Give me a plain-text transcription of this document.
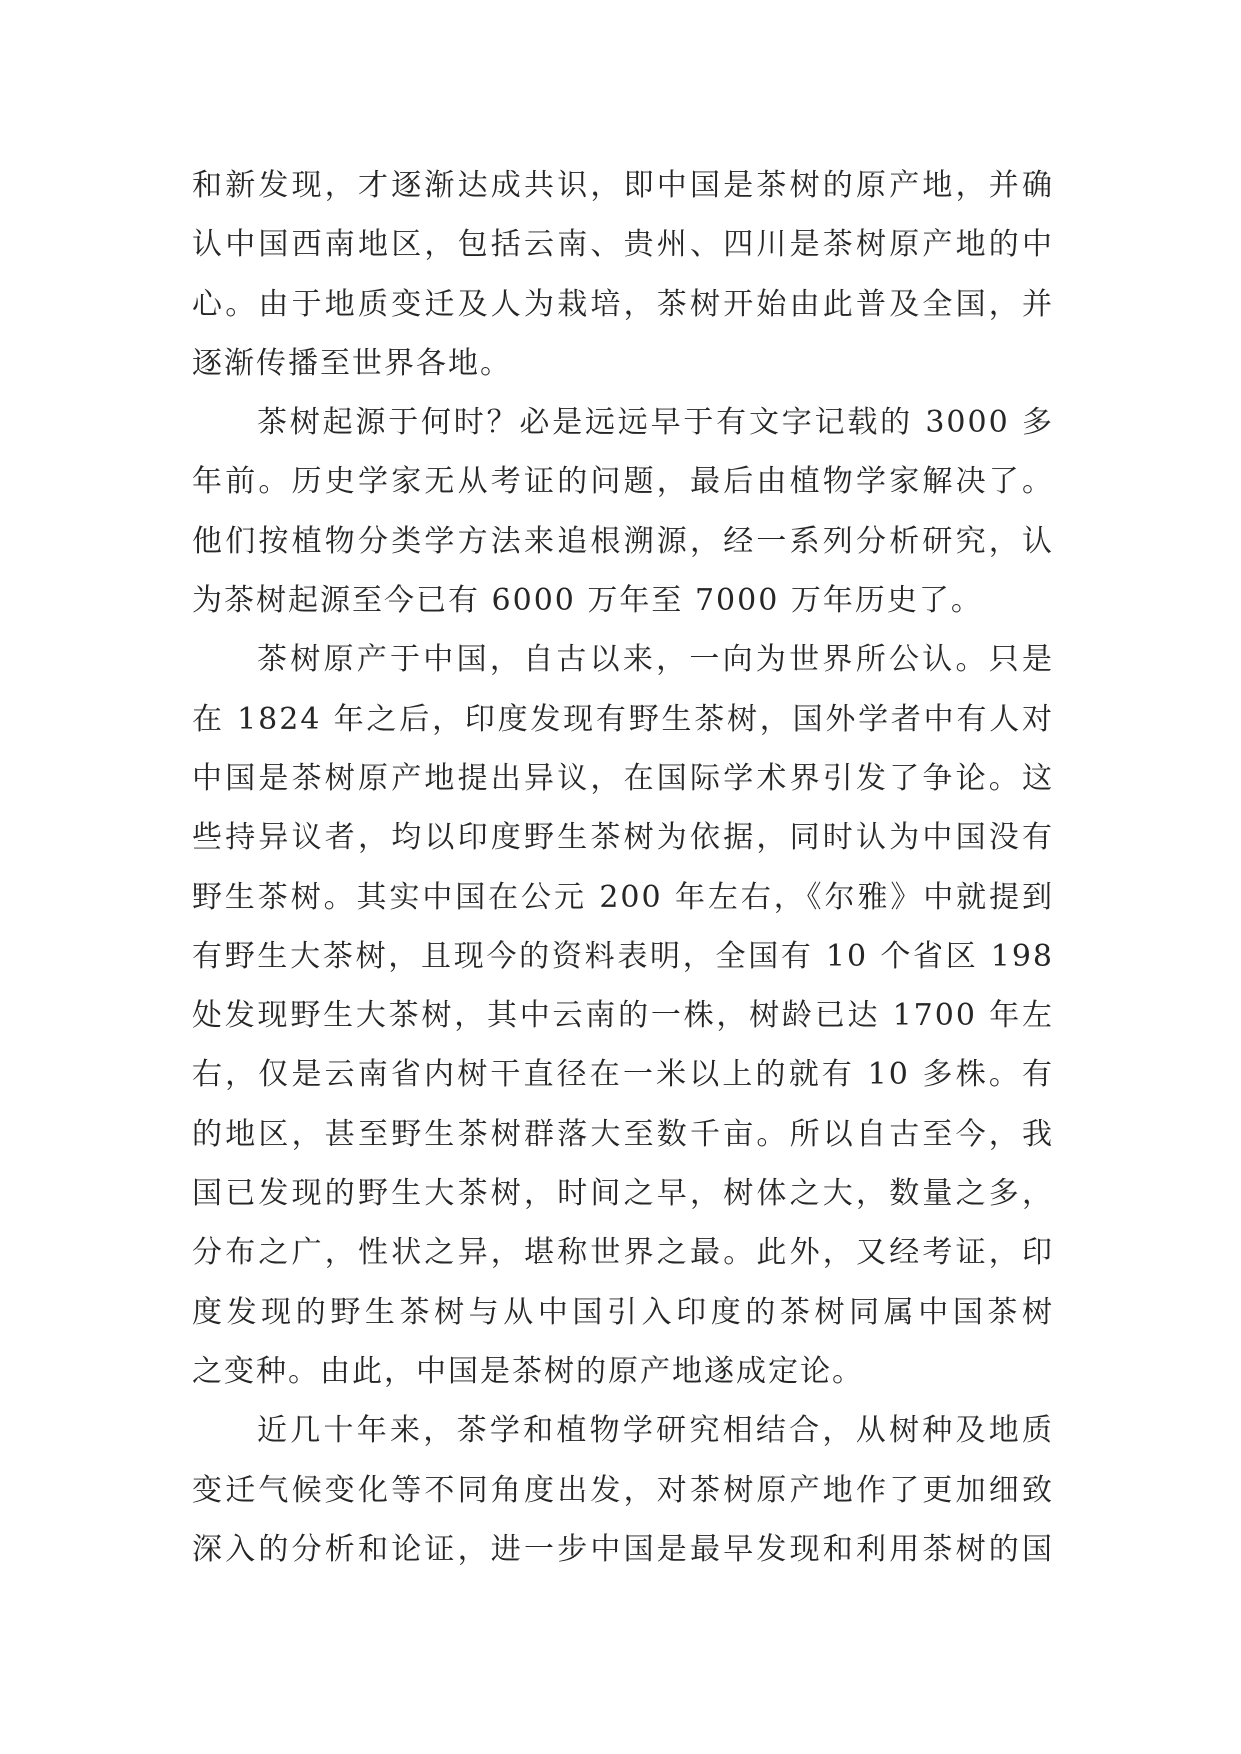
和新发现，才逐渐达成共识，即中国是茶树的原产地，并确
认中国西南地区，包括云南、贵州、四川是茶树原产地的中
心。由于地质变迁及人为栽培，茶树开始由此普及全国，并
逐渐传播至世界各地。
茶树起源于何时？必是远远早于有文字记载的 3000 多
年前。历史学家无从考证的问题，最后由植物学家解决了。
他们按植物分类学方法来追根溯源，经一系列分析研究，认
为茶树起源至今已有 6000 万年至 7000 万年历史了。
茶树原产于中国，自古以来，一向为世界所公认。只是
在 1824 年之后，印度发现有野生茶树，国外学者中有人对
中国是茶树原产地提出异议，在国际学术界引发了争论。这
些持异议者，均以印度野生茶树为依据，同时认为中国没有
野生茶树。其实中国在公元 200 年左右，《尔雅》中就提到
有野生大茶树，且现今的资料表明，全国有 10 个省区 198
处发现野生大茶树，其中云南的一株，树龄已达 1700 年左
右，仅是云南省内树干直径在一米以上的就有 10 多株。有
的地区，甚至野生茶树群落大至数千亩。所以自古至今，我
国已发现的野生大茶树，时间之早，树体之大，数量之多，
分布之广，性状之异，堪称世界之最。此外，又经考证，印
度发现的野生茶树与从中国引入印度的茶树同属中国茶树
之变种。由此，中国是茶树的原产地遂成定论。
近几十年来，茶学和植物学研究相结合，从树种及地质
变迁气候变化等不同角度出发，对茶树原产地作了更加细致
深入的分析和论证，进一步中国是最早发现和利用茶树的国
